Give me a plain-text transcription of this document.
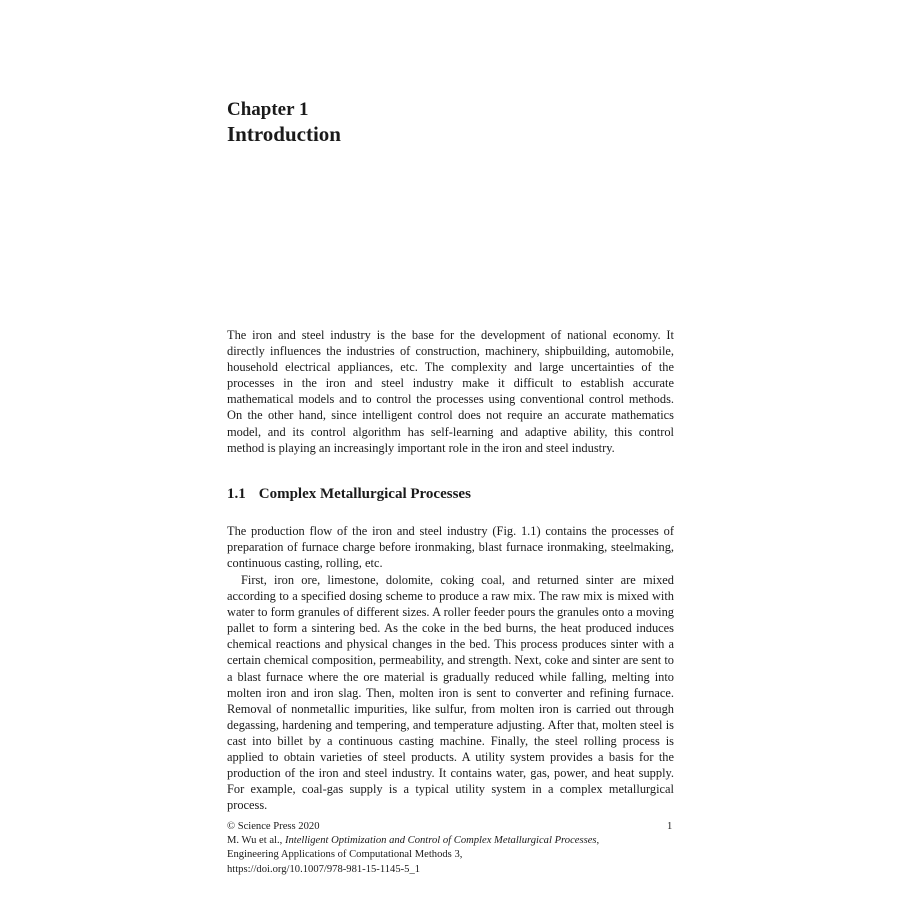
Chapter 1
Introduction

The iron and steel industry is the base for the development of national economy. It directly influences the industries of construction, machinery, shipbuilding, automobile, household electrical appliances, etc. The complexity and large uncertainties of the processes in the iron and steel industry make it difficult to establish accurate mathematical models and to control the processes using conventional control methods. On the other hand, since intelligent control does not require an accurate mathematics model, and its control algorithm has self-learning and adaptive ability, this control method is playing an increasingly important role in the iron and steel industry.

1.1 Complex Metallurgical Processes

The production flow of the iron and steel industry (Fig. 1.1) contains the processes of preparation of furnace charge before ironmaking, blast furnace ironmaking, steelmaking, continuous casting, rolling, etc.

First, iron ore, limestone, dolomite, coking coal, and returned sinter are mixed according to a specified dosing scheme to produce a raw mix. The raw mix is mixed with water to form granules of different sizes. A roller feeder pours the granules onto a moving pallet to form a sintering bed. As the coke in the bed burns, the heat produced induces chemical reactions and physical changes in the bed. This process produces sinter with a certain chemical composition, permeability, and strength. Next, coke and sinter are sent to a blast furnace where the ore material is gradually reduced while falling, melting into molten iron and iron slag. Then, molten iron is sent to converter and refining furnace. Removal of nonmetallic impurities, like sulfur, from molten iron is carried out through degassing, hardening and tempering, and temperature adjusting. After that, molten steel is cast into billet by a continuous casting machine. Finally, the steel rolling process is applied to obtain varieties of steel products. A utility system provides a basis for the production of the iron and steel industry. It contains water, gas, power, and heat supply. For example, coal-gas supply is a typical utility system in a complex metallurgical process.

© Science Press 2020
M. Wu et al., Intelligent Optimization and Control of Complex Metallurgical Processes,
Engineering Applications of Computational Methods 3,
https://doi.org/10.1007/978-981-15-1145-5_1
1
